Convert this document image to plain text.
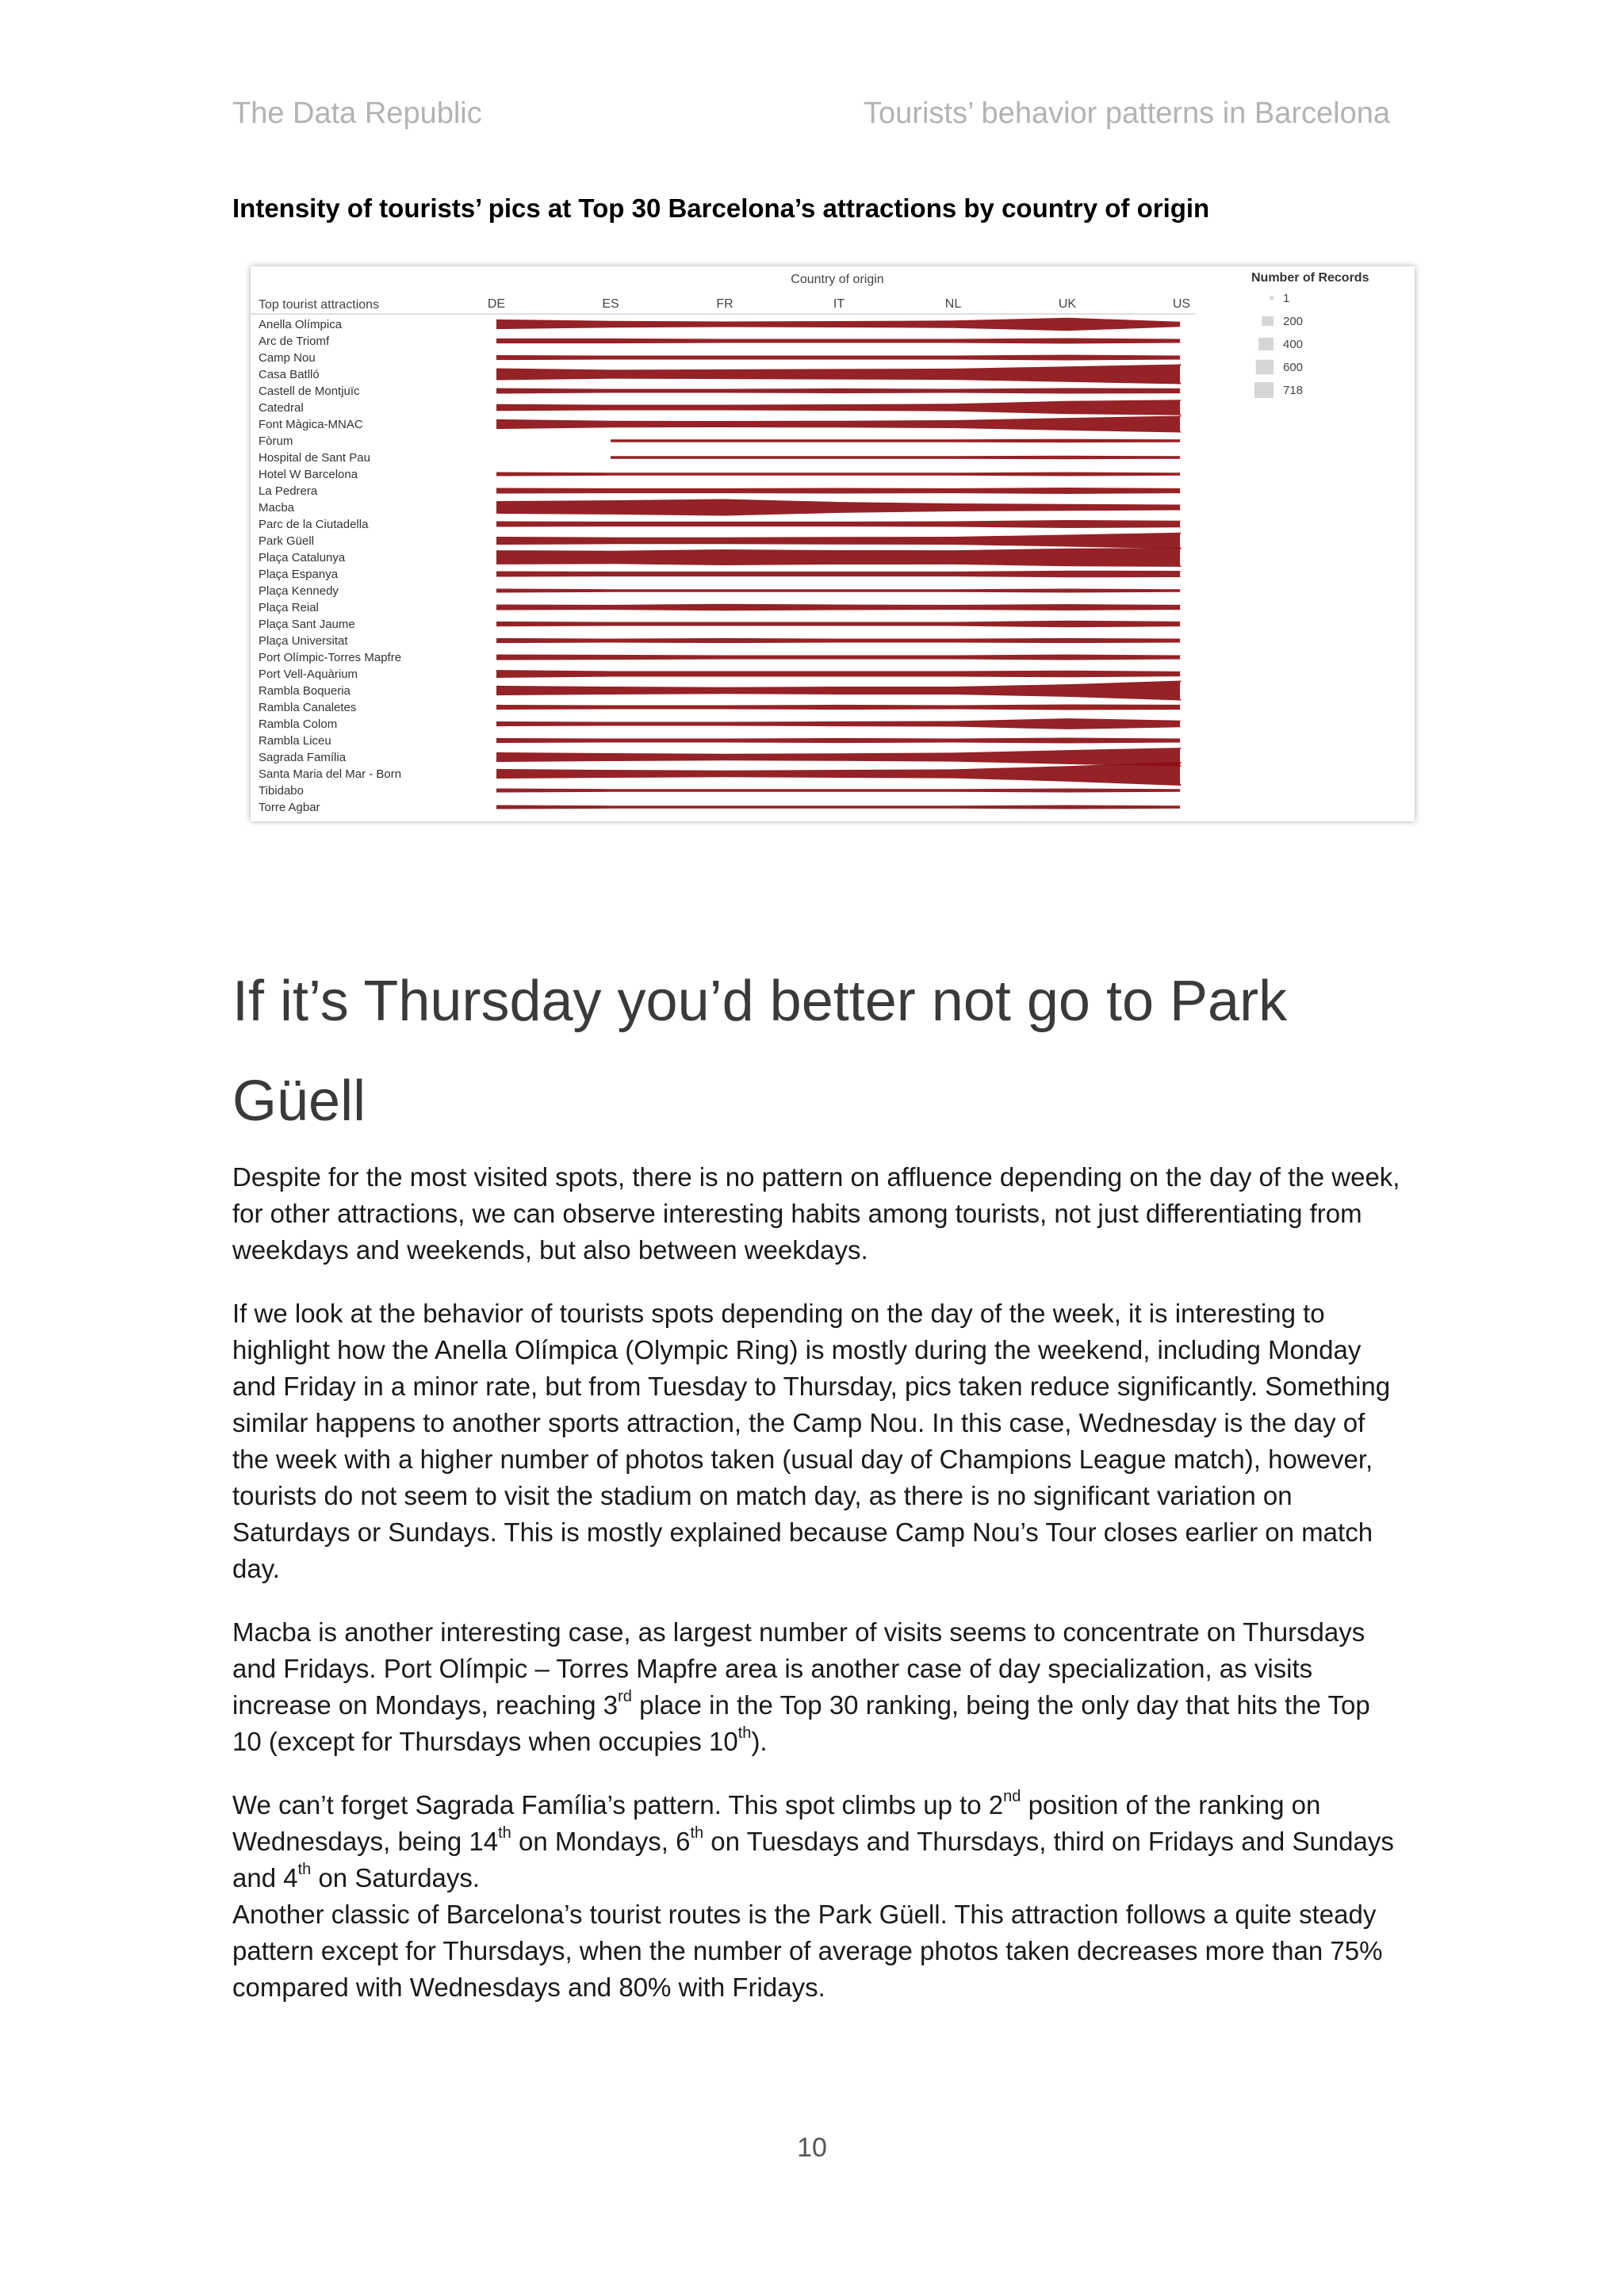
The Data Republic	Tourists’ behavior patterns in Barcelona
Intensity of tourists’ pics at Top 30 Barcelona’s attractions by country of origin
Country of origin
Top tourist attractions	DE	ES	FR	IT	NL	UK	US
Anella Olímpica
Arc de Triomf
Camp Nou
Casa Batlló
Castell de Montjuïc
Catedral
Font Màgica-MNAC
Fòrum
Hospital de Sant Pau
Hotel W Barcelona
La Pedrera
Macba
Parc de la Ciutadella
Park Güell
Plaça Catalunya
Plaça Espanya
Plaça Kennedy
Plaça Reial
Plaça Sant Jaume
Plaça Universitat
Port Olímpic-Torres Mapfre
Port Vell-Aquàrium
Rambla Boqueria
Rambla Canaletes
Rambla Colom
Rambla Liceu
Sagrada Família
Santa Maria del Mar - Born
Tibidabo
Torre Agbar
Number of Records
1
200
400
600
718
If it’s Thursday you’d better not go to Park Güell

Despite for the most visited spots, there is no pattern on affluence depending on the day of the week, for other attractions, we can observe interesting habits among tourists, not just differentiating from weekdays and weekends, but also between weekdays.

If we look at the behavior of tourists spots depending on the day of the week, it is interesting to highlight how the Anella Olímpica (Olympic Ring) is mostly during the weekend, including Monday and Friday in a minor rate, but from Tuesday to Thursday, pics taken reduce significantly. Something similar happens to another sports attraction, the Camp Nou. In this case, Wednesday is the day of the week with a higher number of photos taken (usual day of Champions League match), however, tourists do not seem to visit the stadium on match day, as there is no significant variation on Saturdays or Sundays. This is mostly explained because Camp Nou’s Tour closes earlier on match day.

Macba is another interesting case, as largest number of visits seems to concentrate on Thursdays and Fridays. Port Olímpic – Torres Mapfre area is another case of day specialization, as visits increase on Mondays, reaching 3rd place in the Top 30 ranking, being the only day that hits the Top 10 (except for Thursdays when occupies 10th).

We can’t forget Sagrada Família’s pattern. This spot climbs up to 2nd position of the ranking on Wednesdays, being 14th on Mondays, 6th on Tuesdays and Thursdays, third on Fridays and Sundays and 4th on Saturdays.

Another classic of Barcelona’s tourist routes is the Park Güell. This attraction follows a quite steady pattern except for Thursdays, when the number of average photos taken decreases more than 75% compared with Wednesdays and 80% with Fridays.

10
